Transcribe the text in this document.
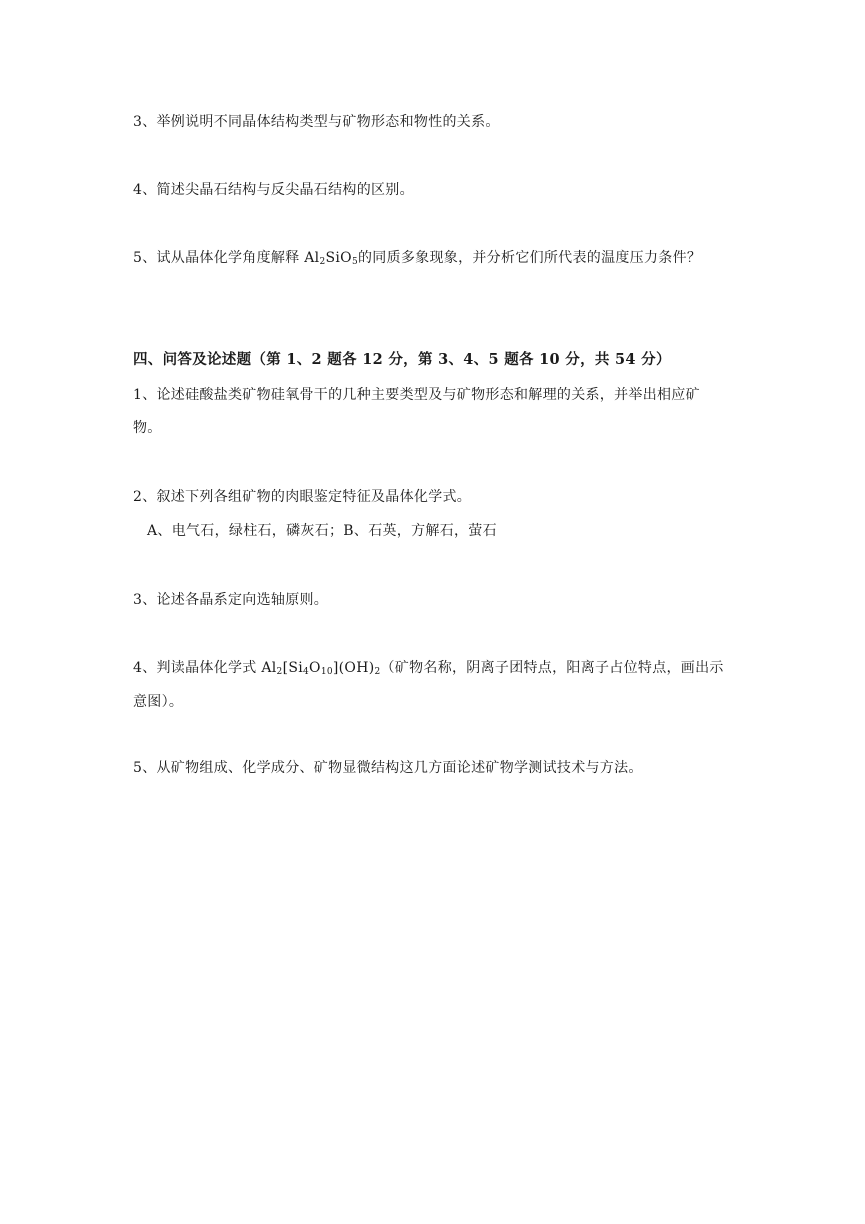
3、举例说明不同晶体结构类型与矿物形态和物性的关系。
4、简述尖晶石结构与反尖晶石结构的区别。
5、试从晶体化学角度解释 $Al_2SiO_5$的同质多象现象，并分析它们所代表的温度压力条件？
四、问答及论述题（第 1、2 题各 12 分，第 3、4、5 题各 10 分，共 54 分）
1、论述硅酸盐类矿物硅氧骨干的几种主要类型及与矿物形态和解理的关系，并举出相应矿
物。
2、叙述下列各组矿物的肉眼鉴定特征及晶体化学式。
A、电气石，绿柱石，磷灰石；B、石英，方解石，萤石
3、论述各晶系定向选轴原则。
4、判读晶体化学式 $Al_2[Si_4O_{10}](OH)_2$（矿物名称，阴离子团特点，阳离子占位特点，画出示
意图）。
5、从矿物组成、化学成分、矿物显微结构这几方面论述矿物学测试技术与方法。
